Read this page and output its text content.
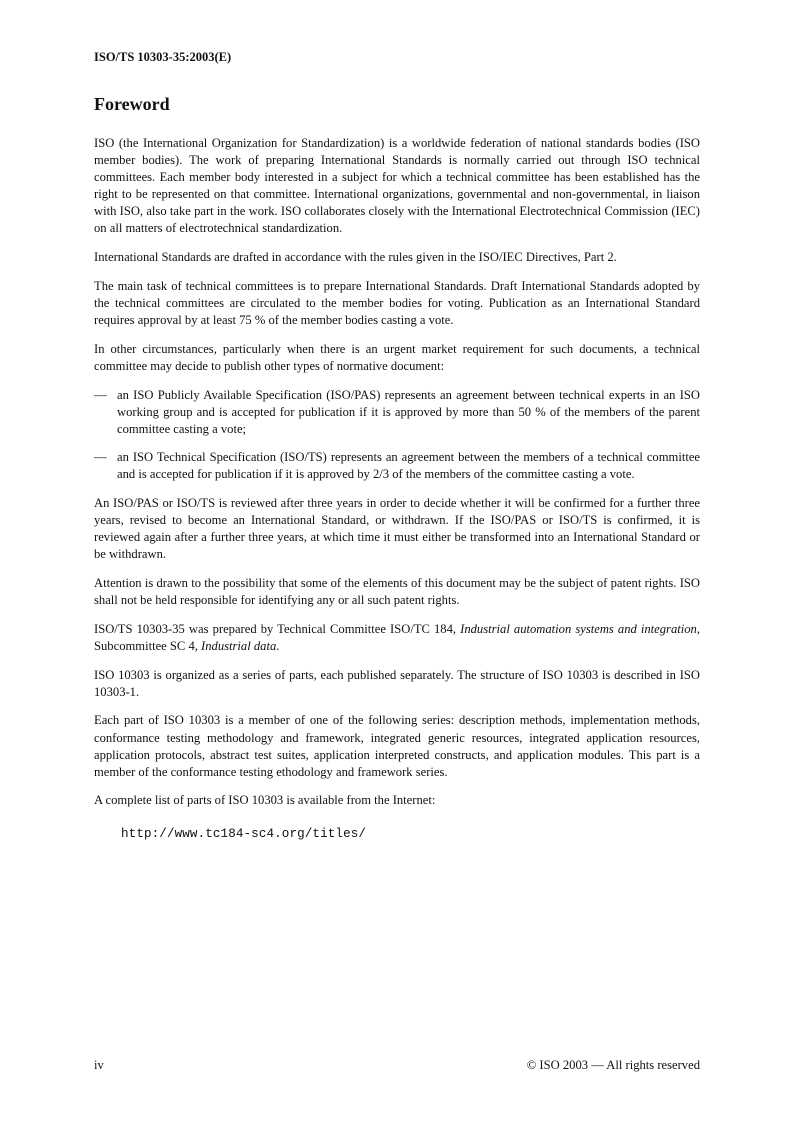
ISO/TS 10303-35:2003(E)
Foreword

ISO (the International Organization for Standardization) is a worldwide federation of national standards bodies (ISO member bodies). The work of preparing International Standards is normally carried out through ISO technical committees. Each member body interested in a subject for which a technical committee has been established has the right to be represented on that committee. International organizations, governmental and non-governmental, in liaison with ISO, also take part in the work. ISO collaborates closely with the International Electrotechnical Commission (IEC) on all matters of electrotechnical standardization.

International Standards are drafted in accordance with the rules given in the ISO/IEC Directives, Part 2.

The main task of technical committees is to prepare International Standards. Draft International Standards adopted by the technical committees are circulated to the member bodies for voting. Publication as an International Standard requires approval by at least 75 % of the member bodies casting a vote.

In other circumstances, particularly when there is an urgent market requirement for such documents, a technical committee may decide to publish other types of normative document:

— an ISO Publicly Available Specification (ISO/PAS) represents an agreement between technical experts in an ISO working group and is accepted for publication if it is approved by more than 50 % of the members of the parent committee casting a vote;
— an ISO Technical Specification (ISO/TS) represents an agreement between the members of a technical committee and is accepted for publication if it is approved by 2/3 of the members of the committee casting a vote.

An ISO/PAS or ISO/TS is reviewed after three years in order to decide whether it will be confirmed for a further three years, revised to become an International Standard, or withdrawn. If the ISO/PAS or ISO/TS is confirmed, it is reviewed again after a further three years, at which time it must either be transformed into an International Standard or be withdrawn.

Attention is drawn to the possibility that some of the elements of this document may be the subject of patent rights. ISO shall not be held responsible for identifying any or all such patent rights.

ISO/TS 10303-35 was prepared by Technical Committee ISO/TC 184, Industrial automation systems and integration, Subcommittee SC 4, Industrial data.

ISO 10303 is organized as a series of parts, each published separately. The structure of ISO 10303 is described in ISO 10303-1.

Each part of ISO 10303 is a member of one of the following series: description methods, implementation methods, conformance testing methodology and framework, integrated generic resources, integrated application resources, application protocols, abstract test suites, application interpreted constructs, and application modules. This part is a member of the conformance testing ethodology and framework series.

A complete list of parts of ISO 10303 is available from the Internet:

http://www.tc184-sc4.org/titles/
iv	© ISO 2003 — All rights reserved
